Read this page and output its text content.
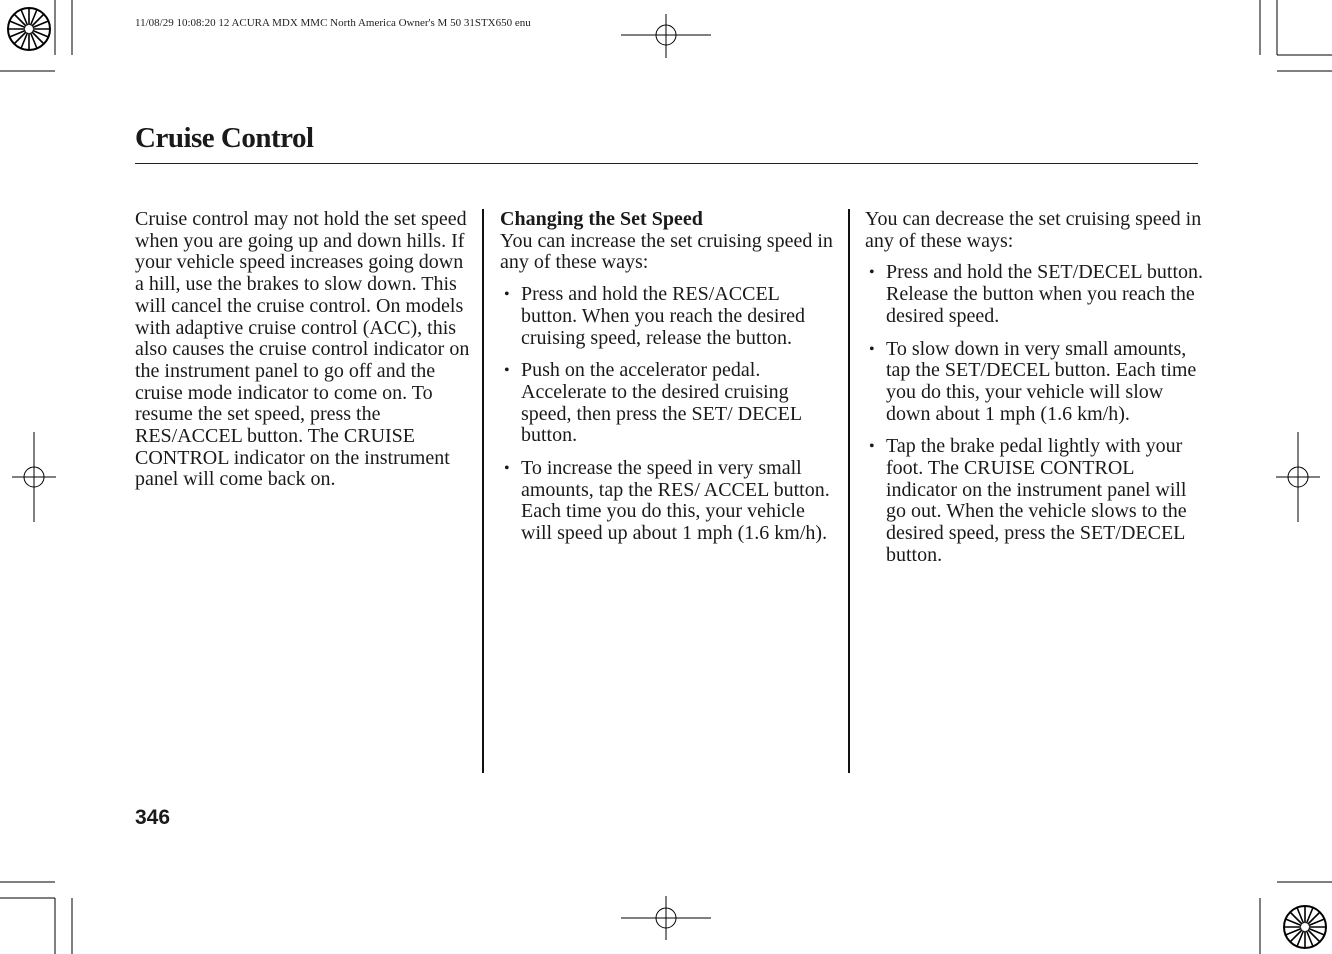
11/08/29 10:08:20 12 ACURA MDX MMC North America Owner's M 50 31STX650 enu
Cruise Control

Cruise control may not hold the set speed when you are going up and down hills. If your vehicle speed increases going down a hill, use the brakes to slow down. This will cancel the cruise control. On models with adaptive cruise control (ACC), this also causes the cruise control indicator on the instrument panel to go off and the cruise mode indicator to come on. To resume the set speed, press the RES/ACCEL button. The CRUISE CONTROL indicator on the instrument panel will come back on.

Changing the Set Speed

You can increase the set cruising speed in any of these ways:

• Press and hold the RES/ACCEL button. When you reach the desired cruising speed, release the button.
• Push on the accelerator pedal. Accelerate to the desired cruising speed, then press the SET/ DECEL button.
• To increase the speed in very small amounts, tap the RES/ ACCEL button. Each time you do this, your vehicle will speed up about 1 mph (1.6 km/h).

You can decrease the set cruising speed in any of these ways:

• Press and hold the SET/DECEL button. Release the button when you reach the desired speed.
• To slow down in very small amounts, tap the SET/DECEL button. Each time you do this, your vehicle will slow down about 1 mph (1.6 km/h).
• Tap the brake pedal lightly with your foot. The CRUISE CONTROL indicator on the instrument panel will go out. When the vehicle slows to the desired speed, press the SET/DECEL button.
346
